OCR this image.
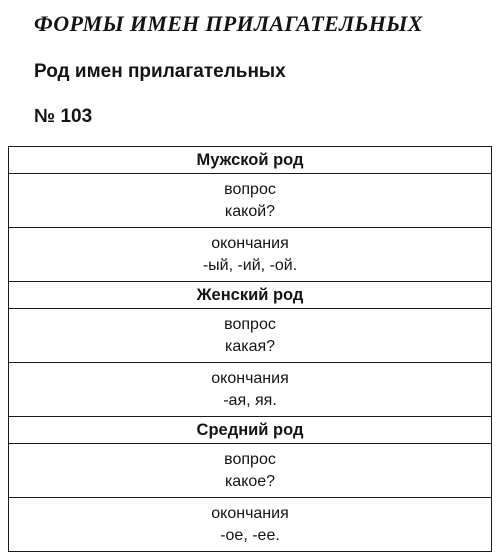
ФОРМЫ ИМЕН ПРИЛАГАТЕЛЬНЫХ
Род имен прилагательных
№ 103
Мужской род
вопрос
какой?
окончания
-ый, -ий, -ой.
Женский род
вопрос
какая?
окончания
-ая, яя.
Средний род
вопрос
какое?
окончания
-ое, -ее.
